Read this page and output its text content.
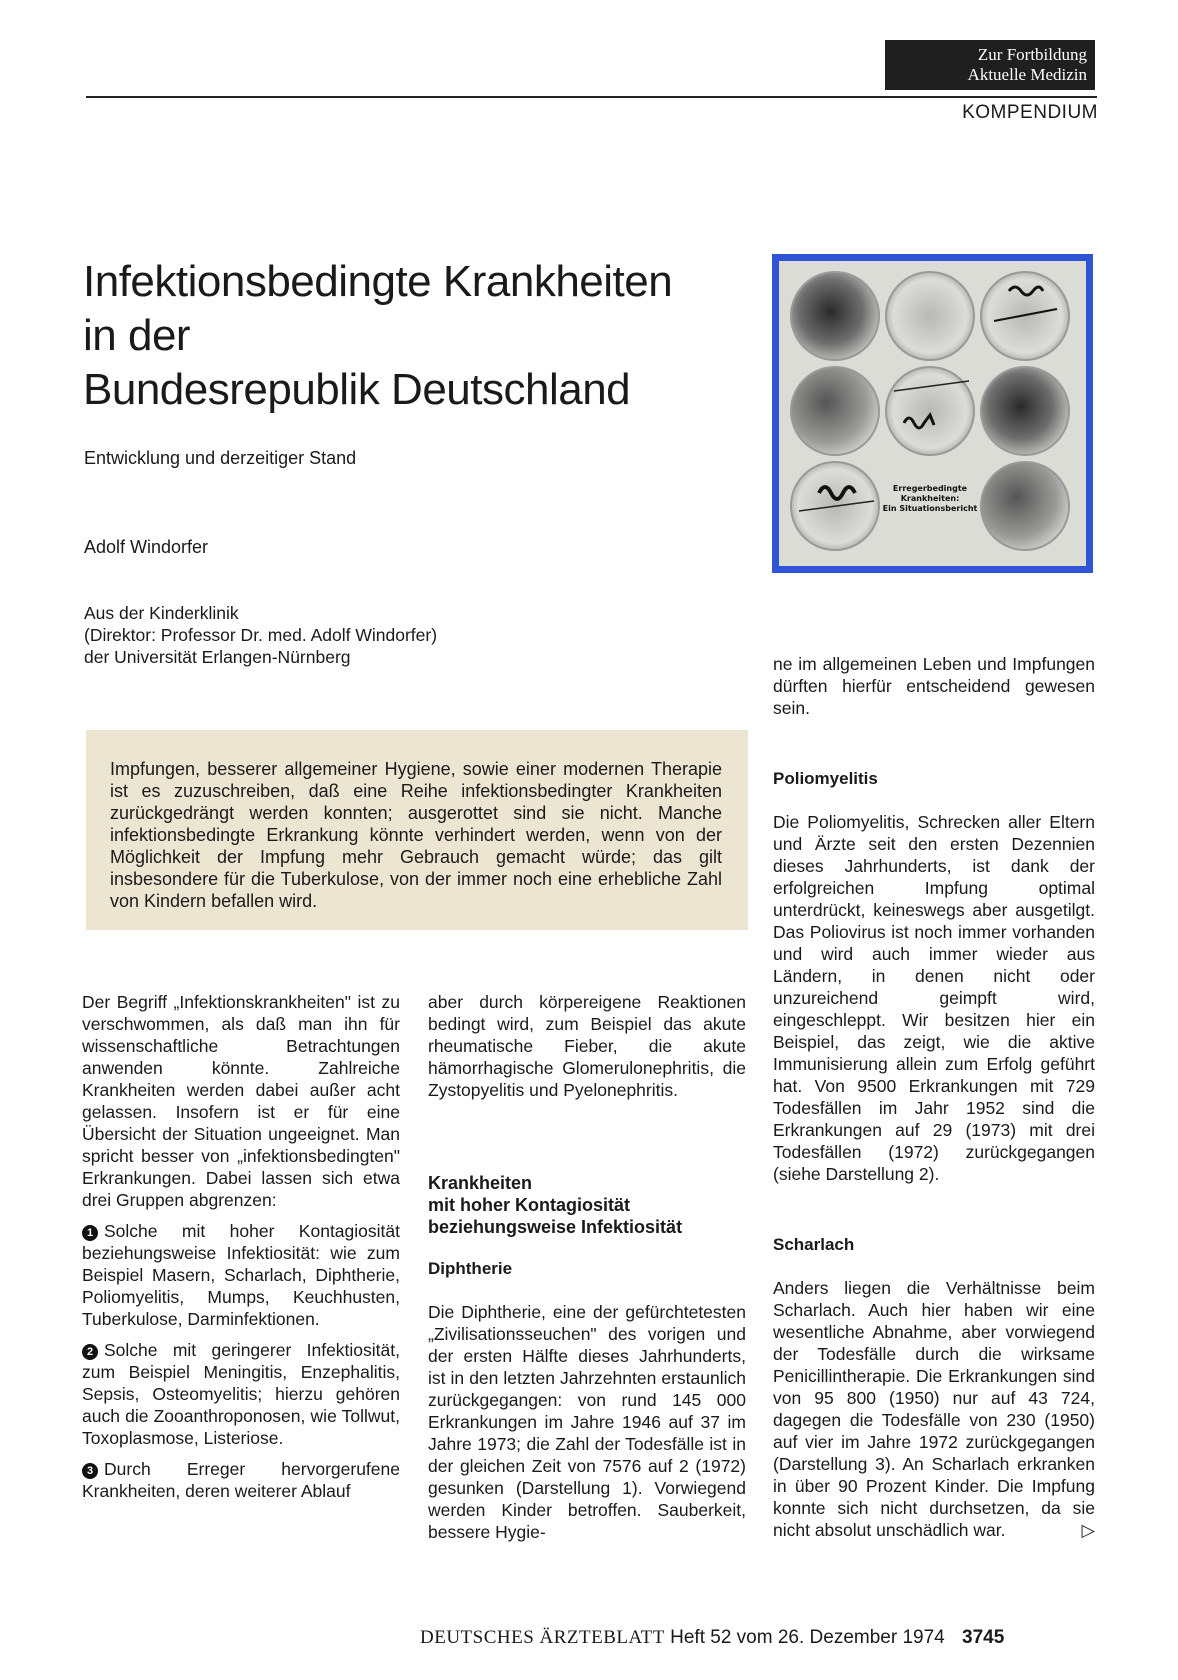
Zur Fortbildung
Aktuelle Medizin
KOMPENDIUM
Infektionsbedingte Krankheiten
in der
Bundesrepublik Deutschland
Entwicklung und derzeitiger Stand
Adolf Windorfer
Aus der Kinderklinik
(Direktor: Professor Dr. med. Adolf Windorfer)
der Universität Erlangen-Nürnberg
Erregerbedingte
Krankheiten:
Ein Situationsbericht
Impfungen, besserer allgemeiner Hygiene, sowie einer modernen Therapie ist es zuzuschreiben, daß eine Reihe infektionsbedingter Krankheiten zurückgedrängt werden konnten; ausgerottet sind sie nicht. Manche infektionsbedingte Erkrankung könnte verhindert werden, wenn von der Möglichkeit der Impfung mehr Gebrauch gemacht würde; das gilt insbesondere für die Tuberkulose, von der immer noch eine erhebliche Zahl von Kindern befallen wird.

Der Begriff „Infektionskrankheiten" ist zu verschwommen, als daß man ihn für wissenschaftliche Betrachtungen anwenden könnte. Zahlreiche Krankheiten werden dabei außer acht gelassen. Insofern ist er für eine Übersicht der Situation ungeeignet. Man spricht besser von „infektionsbedingten" Erkrankungen. Dabei lassen sich etwa drei Gruppen abgrenzen:

1 Solche mit hoher Kontagiosität beziehungsweise Infektiosität: wie zum Beispiel Masern, Scharlach, Diphtherie, Poliomyelitis, Mumps, Keuchhusten, Tuberkulose, Darminfektionen.

2 Solche mit geringerer Infektiosität, zum Beispiel Meningitis, Enzephalitis, Sepsis, Osteomyelitis; hierzu gehören auch die Zooanthroponosen, wie Tollwut, Toxoplasmose, Listeriose.

3 Durch Erreger hervorgerufene Krankheiten, deren weiterer Ablauf

aber durch körpereigene Reaktionen bedingt wird, zum Beispiel das akute rheumatische Fieber, die akute hämorrhagische Glomerulonephritis, die Zystopyelitis und Pyelonephritis.

Krankheiten
mit hoher Kontagiosität
beziehungsweise Infektiosität
Diphtherie

Die Diphtherie, eine der gefürchtetesten „Zivilisationsseuchen" des vorigen und der ersten Hälfte dieses Jahrhunderts, ist in den letzten Jahrzehnten erstaunlich zurückgegangen: von rund 145 000 Erkrankungen im Jahre 1946 auf 37 im Jahre 1973; die Zahl der Todesfälle ist in der gleichen Zeit von 7576 auf 2 (1972) gesunken (Darstellung 1). Vorwiegend werden Kinder betroffen. Sauberkeit, bessere Hygie-

ne im allgemeinen Leben und Impfungen dürften hierfür entscheidend gewesen sein.

Poliomyelitis

Die Poliomyelitis, Schrecken aller Eltern und Ärzte seit den ersten Dezennien dieses Jahrhunderts, ist dank der erfolgreichen Impfung optimal unterdrückt, keineswegs aber ausgetilgt. Das Poliovirus ist noch immer vorhanden und wird auch immer wieder aus Ländern, in denen nicht oder unzureichend geimpft wird, eingeschleppt. Wir besitzen hier ein Beispiel, das zeigt, wie die aktive Immunisierung allein zum Erfolg geführt hat. Von 9500 Erkrankungen mit 729 Todesfällen im Jahr 1952 sind die Erkrankungen auf 29 (1973) mit drei Todesfällen (1972) zurückgegangen (siehe Darstellung 2).

Scharlach

Anders liegen die Verhältnisse beim Scharlach. Auch hier haben wir eine wesentliche Abnahme, aber vorwiegend der Todesfälle durch die wirksame Penicillintherapie. Die Erkrankungen sind von 95 800 (1950) nur auf 43 724, dagegen die Todesfälle von 230 (1950) auf vier im Jahre 1972 zurückgegangen (Darstellung 3). An Scharlach erkranken in über 90 Prozent Kinder. Die Impfung konnte sich nicht durchsetzen, da sie nicht absolut unschädlich war.	▷

DEUTSCHES ÄRZTEBLATT Heft 52 vom 26. Dezember 1974 3745
